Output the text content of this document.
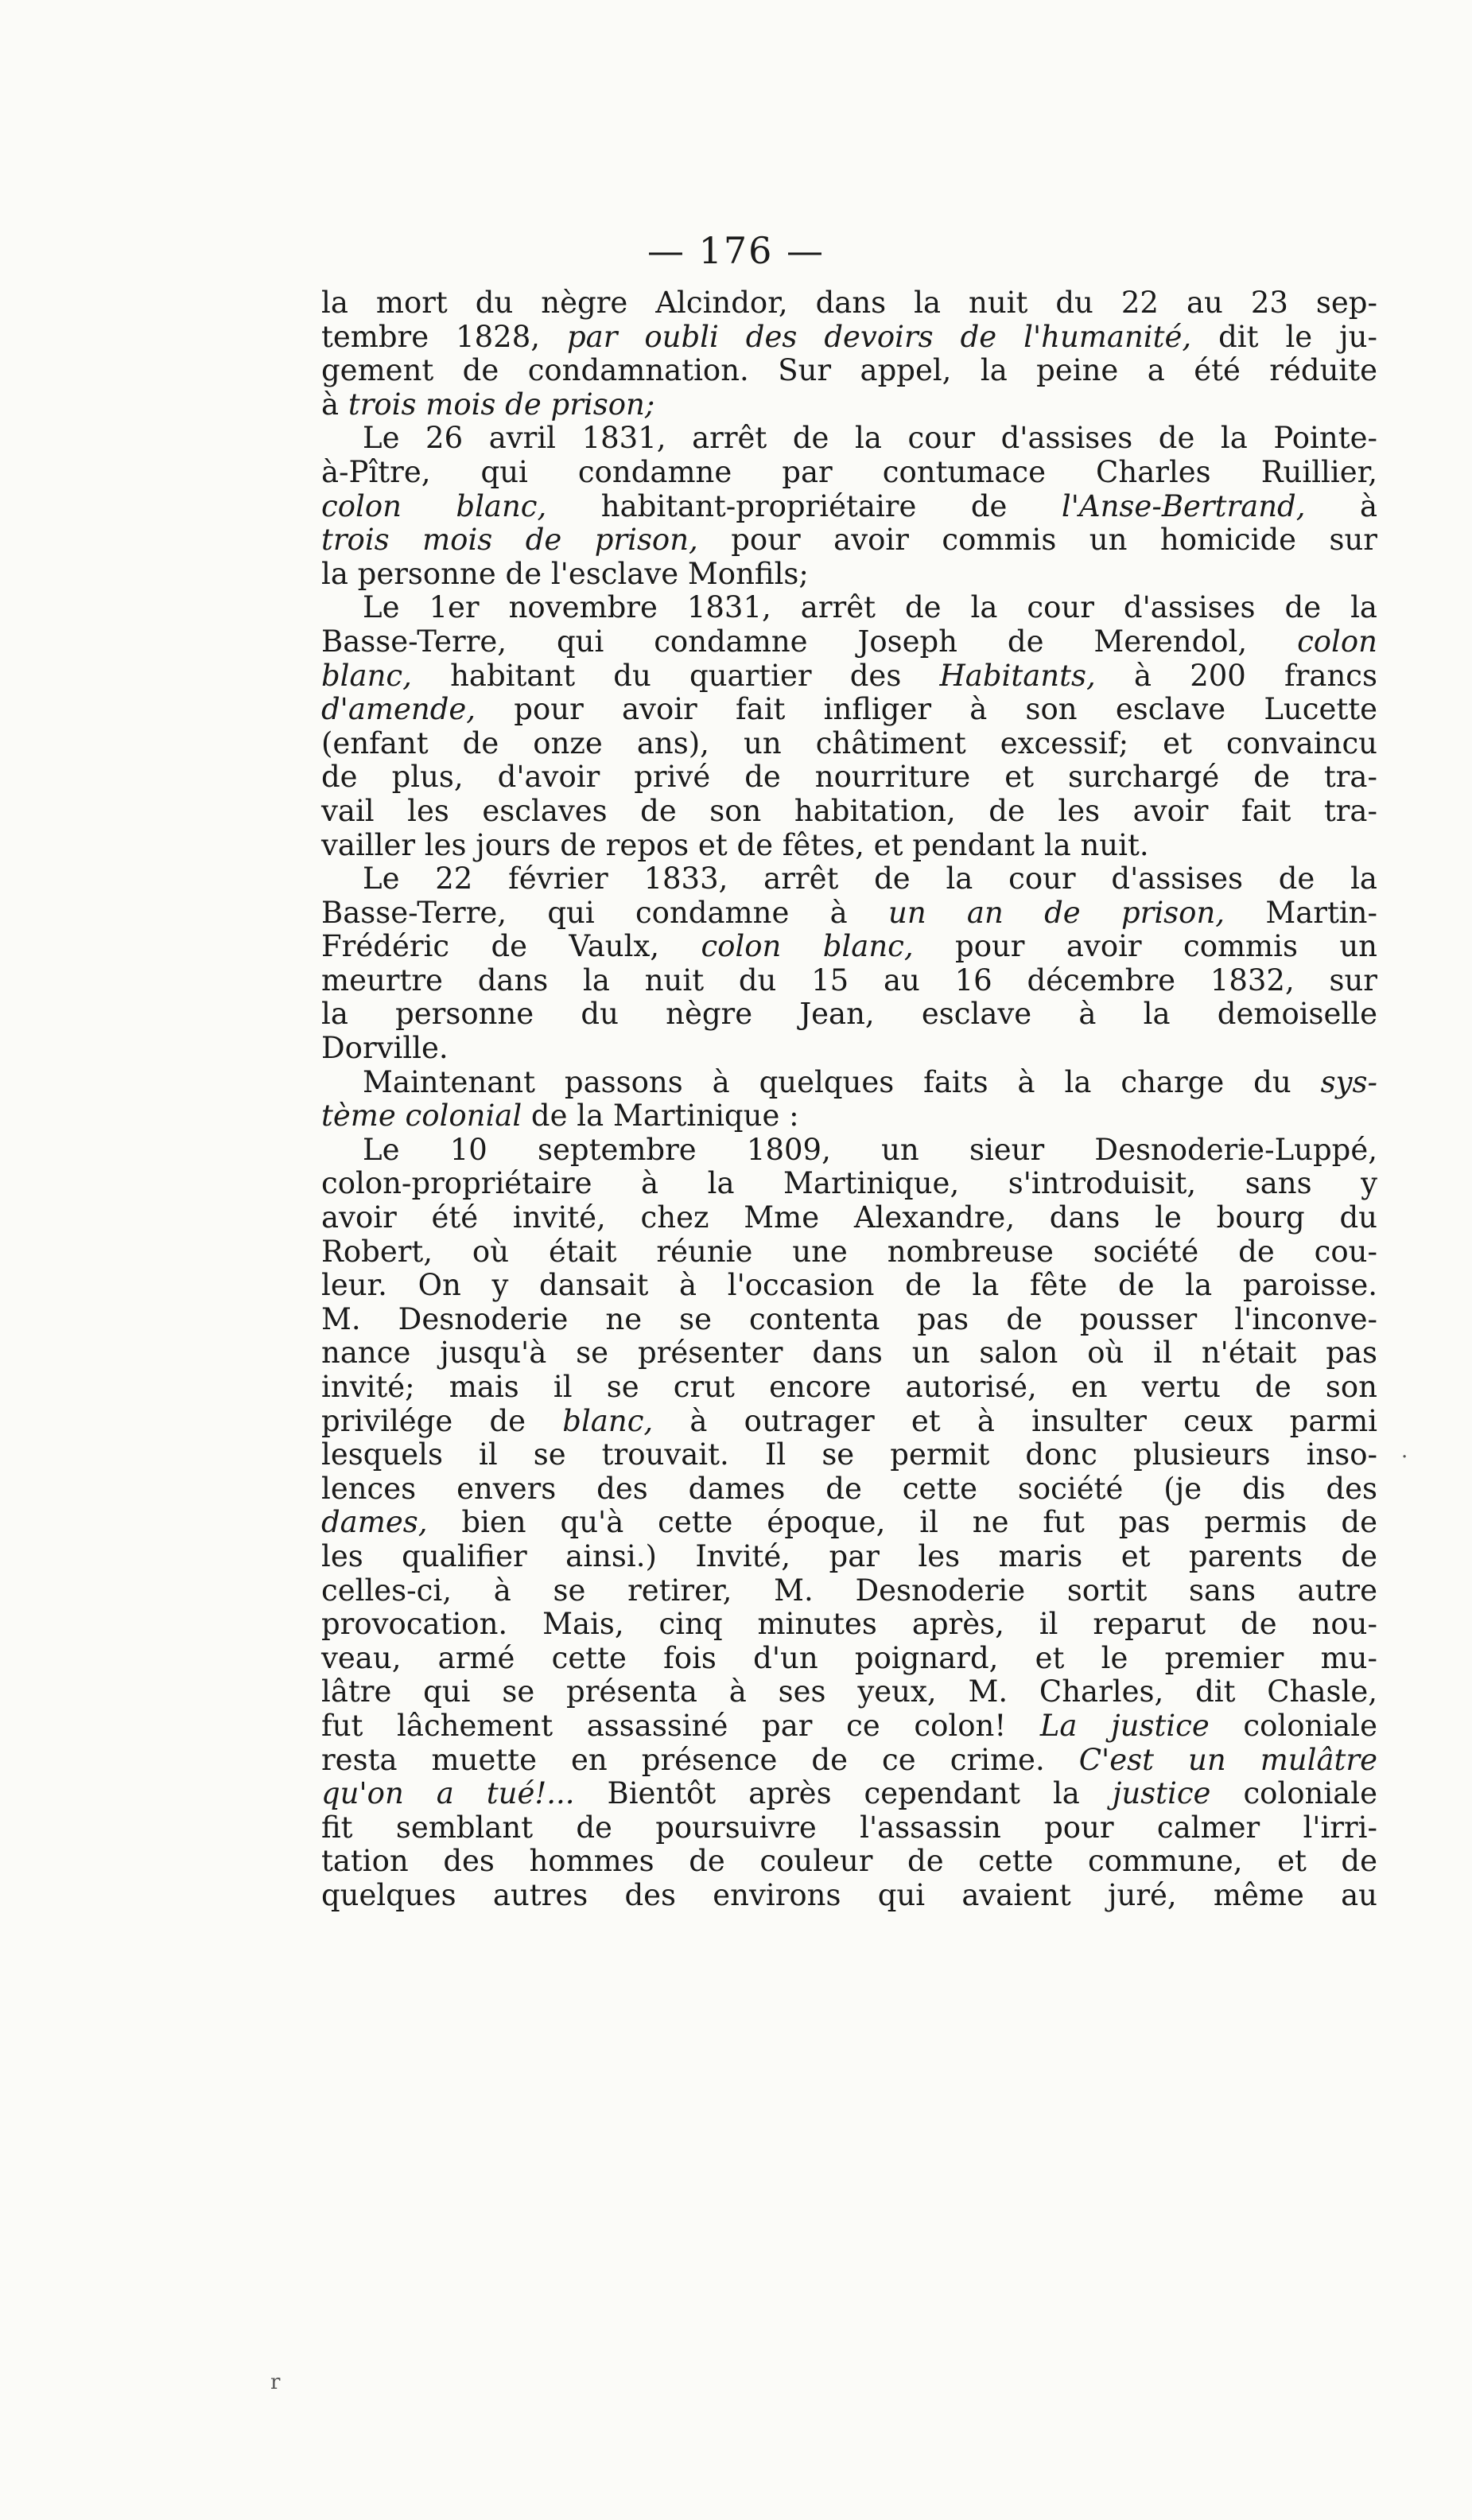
— 176 —
la mort du nègre Alcindor, dans la nuit du 22 au 23 sep-
tembre 1828, par oubli des devoirs de l'humanité, dit le ju-
gement de condamnation. Sur appel, la peine a été réduite
à trois mois de prison;
Le 26 avril 1831, arrêt de la cour d'assises de la Pointe-
à-Pître, qui condamne par contumace Charles Ruillier,
colon blanc, habitant-propriétaire de l'Anse-Bertrand, à
trois mois de prison, pour avoir commis un homicide sur
la personne de l'esclave Monfils;
Le 1er novembre 1831, arrêt de la cour d'assises de la
Basse-Terre, qui condamne Joseph de Merendol, colon
blanc, habitant du quartier des Habitants, à 200 francs
d'amende, pour avoir fait infliger à son esclave Lucette
(enfant de onze ans), un châtiment excessif; et convaincu
de plus, d'avoir privé de nourriture et surchargé de tra-
vail les esclaves de son habitation, de les avoir fait tra-
vailler les jours de repos et de fêtes, et pendant la nuit.
Le 22 février 1833, arrêt de la cour d'assises de la
Basse-Terre, qui condamne à un an de prison, Martin-
Frédéric de Vaulx, colon blanc, pour avoir commis un
meurtre dans la nuit du 15 au 16 décembre 1832, sur
la personne du nègre Jean, esclave à la demoiselle
Dorville.
Maintenant passons à quelques faits à la charge du sys-
tème colonial de la Martinique :
Le 10 septembre 1809, un sieur Desnoderie-Luppé,
colon-propriétaire à la Martinique, s'introduisit, sans y
avoir été invité, chez Mme Alexandre, dans le bourg du
Robert, où était réunie une nombreuse société de cou-
leur. On y dansait à l'occasion de la fête de la paroisse.
M. Desnoderie ne se contenta pas de pousser l'inconve-
nance jusqu'à se présenter dans un salon où il n'était pas
invité; mais il se crut encore autorisé, en vertu de son
privilége de blanc, à outrager et à insulter ceux parmi
lesquels il se trouvait. Il se permit donc plusieurs inso-
lences envers des dames de cette société (je dis des
dames, bien qu'à cette époque, il ne fut pas permis de
les qualifier ainsi.) Invité, par les maris et parents de
celles-ci, à se retirer, M. Desnoderie sortit sans autre
provocation. Mais, cinq minutes après, il reparut de nou-
veau, armé cette fois d'un poignard, et le premier mu-
lâtre qui se présenta à ses yeux, M. Charles, dit Chasle,
fut lâchement assassiné par ce colon! La justice coloniale
resta muette en présence de ce crime. C'est un mulâtre
qu'on a tué!... Bientôt après cependant la justice coloniale
fit semblant de poursuivre l'assassin pour calmer l'irri-
tation des hommes de couleur de cette commune, et de
quelques autres des environs qui avaient juré, même au
·
r
